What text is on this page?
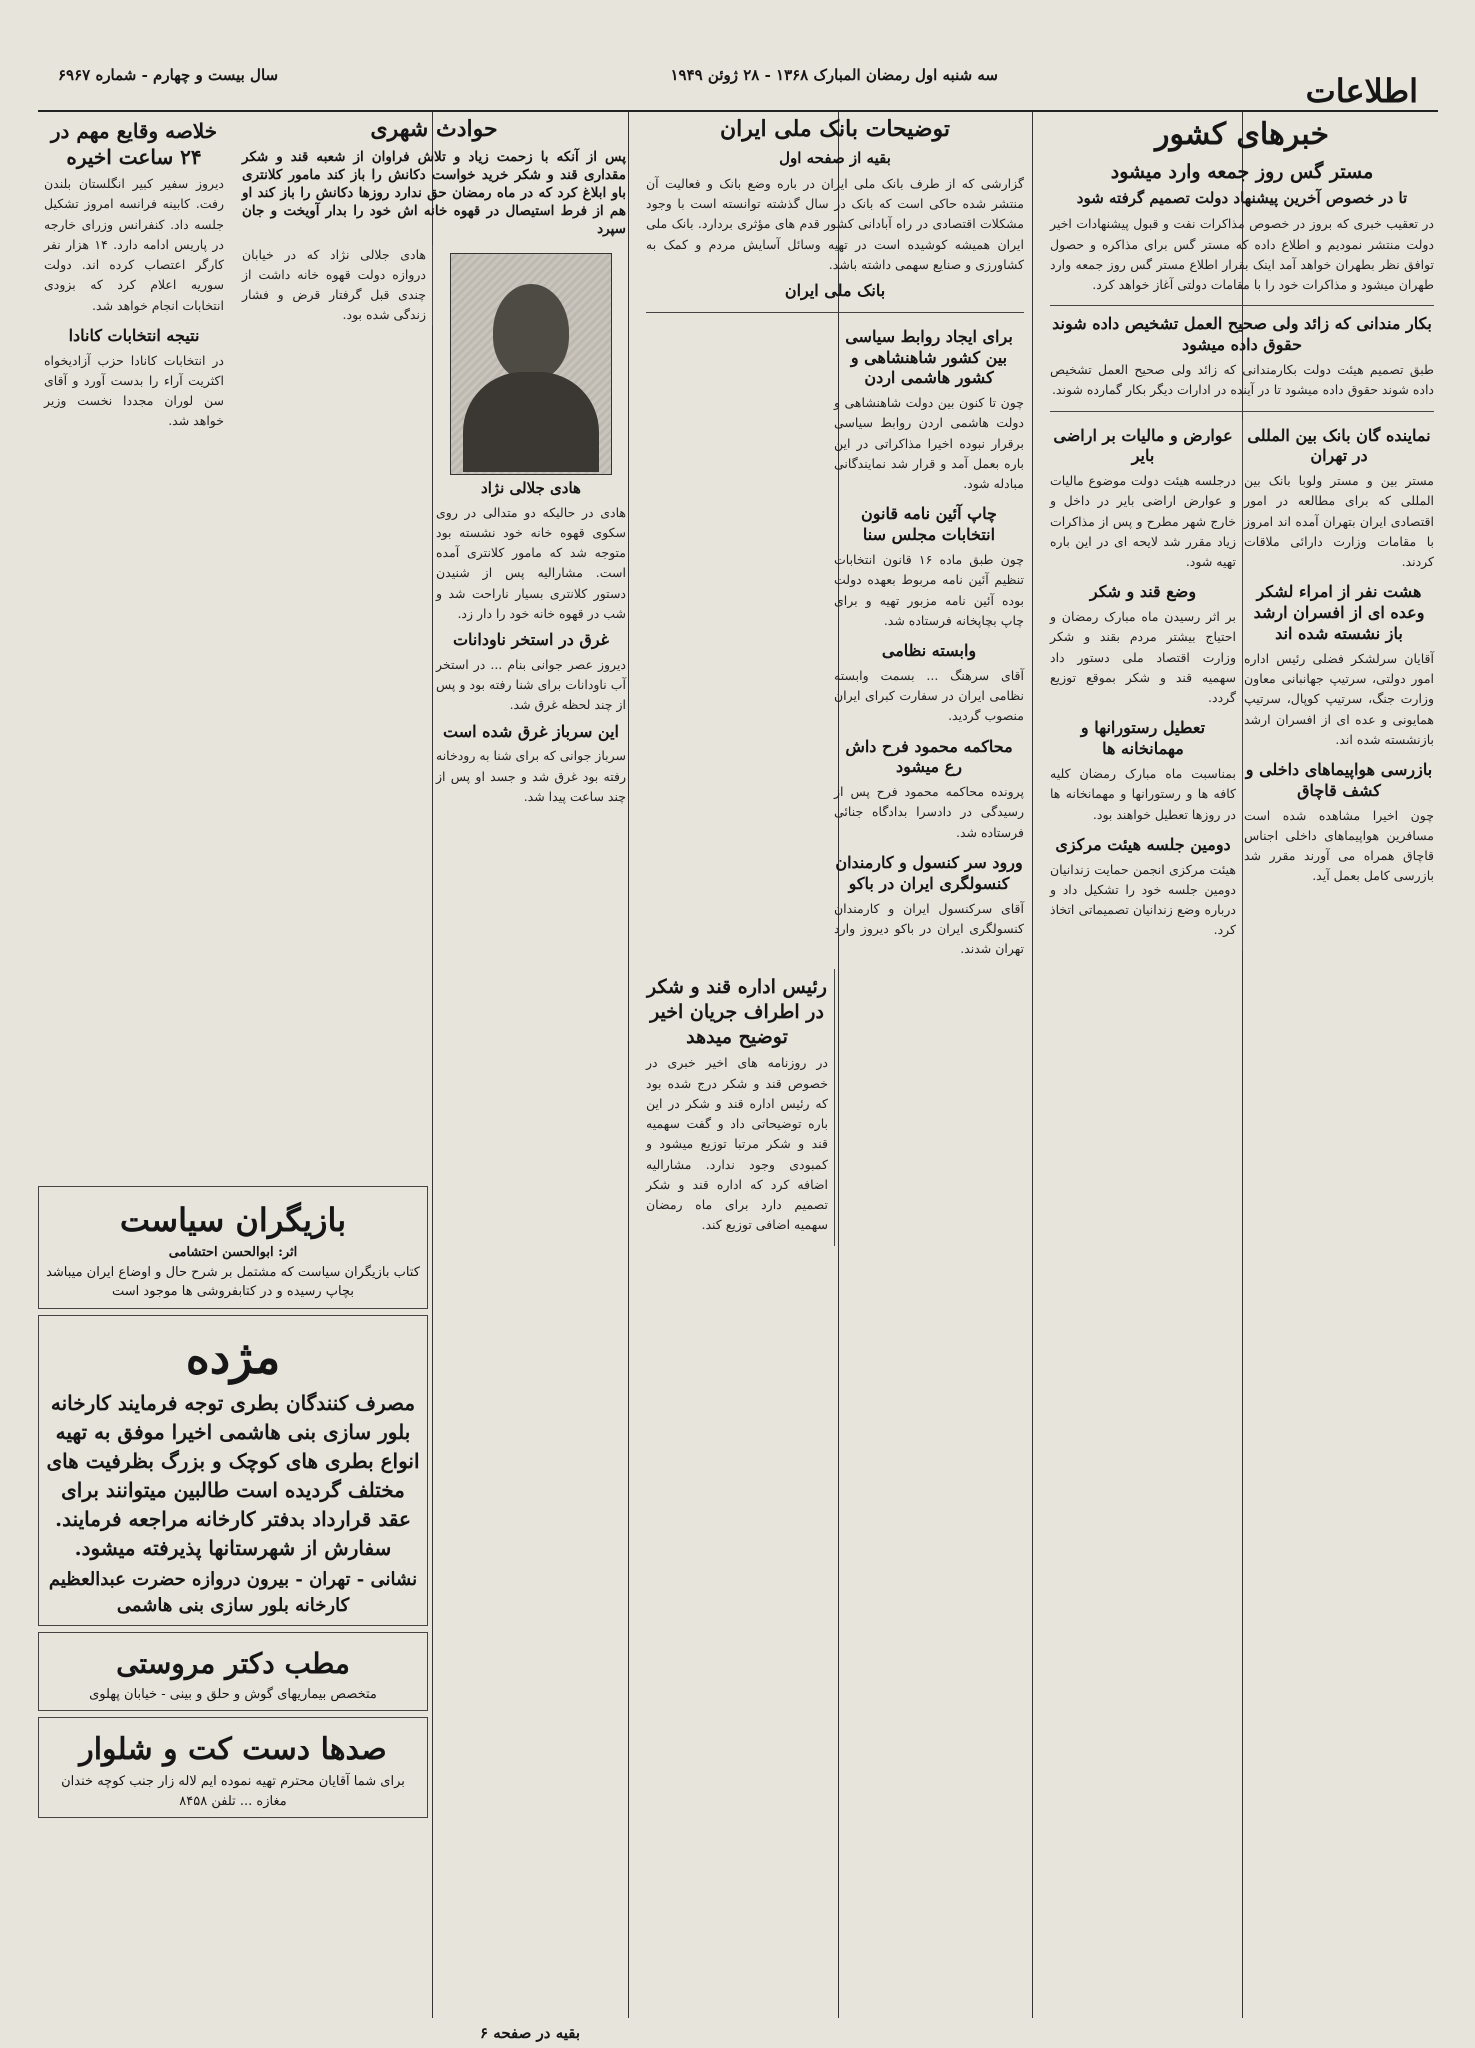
اطلاعات
سه شنبه اول رمضان المبارک ۱۳۶۸ - ۲۸ ژوئن ۱۹۴۹
سال بیست و چهارم - شماره ۶۹۶۷
خبرهای کشور
مستر گس روز جمعه وارد میشود
تا در خصوص آخرین پیشنهاد دولت تصمیم گرفته شود

در تعقیب خبری که بروز در خصوص مذاکرات نفت و قبول پیشنهادات اخیر دولت منتشر نمودیم و اطلاع داده که مستر گس برای مذاکره و حصول توافق نظر بطهران خواهد آمد اینک بقرار اطلاع مستر گس روز جمعه وارد طهران میشود و مذاکرات خود را با مقامات دولتی آغاز خواهد کرد.

بکار مندانی که زائد ولی صحیح العمل تشخیص داده شوند حقوق داده میشود

طبق تصمیم هیئت دولت بکارمندانی که زائد ولی صحیح العمل تشخیص داده شوند حقوق داده میشود تا در آینده در ادارات دیگر بکار گمارده شوند.

نماینده گان بانک بین المللی در تهران

مستر بین و مستر ولوبا بانک بین المللی که برای مطالعه در امور اقتصادی ایران بتهران آمده اند امروز با مقامات وزارت دارائی ملاقات کردند.

هشت نفر از امراء لشکر وعده ای از افسران ارشد باز نشسته شده اند

آقایان سرلشکر فضلی رئیس اداره امور دولتی، سرتیپ جهانبانی معاون وزارت جنگ، سرتیپ کوپال، سرتیپ همایونی و عده ای از افسران ارشد بازنشسته شده اند.

بازرسی هواپیماهای داخلی و کشف قاچاق

چون اخیرا مشاهده شده است مسافرین هواپیماهای داخلی اجناس قاچاق همراه می آورند مقرر شد بازرسی کامل بعمل آید.

عوارض و مالیات بر اراضی بایر

درجلسه هیئت دولت موضوع مالیات و عوارض اراضی بایر در داخل و خارج شهر مطرح و پس از مذاکرات زیاد مقرر شد لایحه ای در این باره تهیه شود.

وضع قند و شکر

بر اثر رسیدن ماه مبارک رمضان و احتیاج بیشتر مردم بقند و شکر وزارت اقتصاد ملی دستور داد سهمیه قند و شکر بموقع توزیع گردد.

تعطیل رستورانها و مهمانخانه ها

بمناسبت ماه مبارک رمضان کلیه کافه ها و رستورانها و مهمانخانه ها در روزها تعطیل خواهند بود.

دومین جلسه هیئت مرکزی

هیئت مرکزی انجمن حمایت زندانیان دومین جلسه خود را تشکیل داد و درباره وضع زندانیان تصمیماتی اتخاذ کرد.

توضیحات بانک ملی ایران
بقیه از صفحه اول

گزارشی که از طرف بانک ملی ایران در باره وضع بانک و فعالیت آن منتشر شده حاکی است که بانک در سال گذشته توانسته است با وجود مشکلات اقتصادی در راه آبادانی کشور قدم های مؤثری بردارد. بانک ملی ایران همیشه کوشیده است در تهیه وسائل آسایش مردم و کمک به کشاورزی و صنایع سهمی داشته باشد.

بانک ملی ایران
برای ایجاد روابط سیاسی بین کشور شاهنشاهی و کشور هاشمی اردن

چون تا کنون بین دولت شاهنشاهی و دولت هاشمی اردن روابط سیاسی برقرار نبوده اخیرا مذاکراتی در این باره بعمل آمد و قرار شد نمایندگانی مبادله شود.

چاپ آئین نامه قانون انتخابات مجلس سنا

چون طبق ماده ۱۶ قانون انتخابات تنظیم آئین نامه مربوط بعهده دولت بوده آئین نامه مزبور تهیه و برای چاپ بچاپخانه فرستاده شد.

وابسته نظامی

آقای سرهنگ ... بسمت وابسته نظامی ایران در سفارت کبرای ایران منصوب گردید.

محاکمه محمود فرح داش رع میشود

پرونده محاکمه محمود فرح پس از رسیدگی در دادسرا بدادگاه جنائی فرستاده شد.

ورود سر کنسول و کارمندان کنسولگری ایران در باکو

آقای سرکنسول ایران و کارمندان کنسولگری ایران در باکو دیروز وارد تهران شدند.

رئیس اداره قند و شکر در اطراف جریان اخیر توضیح میدهد

در روزنامه های اخیر خبری در خصوص قند و شکر درج شده بود که رئیس اداره قند و شکر در این باره توضیحاتی داد و گفت سهمیه قند و شکر مرتبا توزیع میشود و کمبودی وجود ندارد. مشارالیه اضافه کرد که اداره قند و شکر تصمیم دارد برای ماه رمضان سهمیه اضافی توزیع کند.

حوادث شهری
پس از آنکه با زحمت زیاد و تلاش فراوان از شعبه قند و شکر مقداری قند و شکر خرید خواست دکانش را باز کند مامور کلانتری باو ابلاغ کرد که در ماه رمضان حق ندارد روزها دکانش را باز کند او هم از فرط استیصال در قهوه خانه اش خود را بدار آویخت و جان سپرد
هادی جلالی نژاد

هادی در حالیکه دو متدالی در روی سکوی قهوه خانه خود نشسته بود متوجه شد که مامور کلانتری آمده است. مشارالیه پس از شنیدن دستور کلانتری بسیار ناراحت شد و شب در قهوه خانه خود را دار زد.

غرق در استخر ناودانات

دیروز عصر جوانی بنام ... در استخر آب ناودانات برای شنا رفته بود و پس از چند لحظه غرق شد.

این سرباز غرق شده است

سرباز جوانی که برای شنا به رودخانه رفته بود غرق شد و جسد او پس از چند ساعت پیدا شد.

هادی جلالی نژاد که در خیابان دروازه دولت قهوه خانه داشت از چندی قبل گرفتار قرض و فشار زندگی شده بود.

خلاصه وقایع مهم در ۲۴ ساعت اخیره

دیروز سفیر کبیر انگلستان بلندن رفت. کابینه فرانسه امروز تشکیل جلسه داد. کنفرانس وزرای خارجه در پاریس ادامه دارد. ۱۴ هزار نفر کارگر اعتصاب کرده اند. دولت سوریه اعلام کرد که بزودی انتخابات انجام خواهد شد.

نتیجه انتخابات کانادا

در انتخابات کانادا حزب آزادیخواه اکثریت آراء را بدست آورد و آقای سن لوران مجددا نخست وزیر خواهد شد.

بازیگران سیاست
اثر: ابوالحسن احتشامی
کتاب بازیگران سیاست که مشتمل بر شرح حال و اوضاع ایران میباشد بچاپ رسیده و در کتابفروشی ها موجود است
مژده
مصرف کنندگان بطری توجه فرمایند کارخانه بلور سازی بنی هاشمی اخیرا موفق به تهیه انواع بطری های کوچک و بزرگ بظرفیت های مختلف گردیده است طالبین میتوانند برای عقد قرارداد بدفتر کارخانه مراجعه فرمایند. سفارش از شهرستانها پذیرفته میشود.
نشانی - تهران - بیرون دروازه حضرت عبدالعظیم کارخانه بلور سازی بنی هاشمی
مطب دکتر مروستی
متخصص بیماریهای گوش و حلق و بینی - خیابان پهلوی
صدها دست کت و شلوار
برای شما آقایان محترم تهیه نموده ایم لاله زار جنب کوچه خندان مغازه ... تلفن ۸۴۵۸
بقیه در صفحه ۶
